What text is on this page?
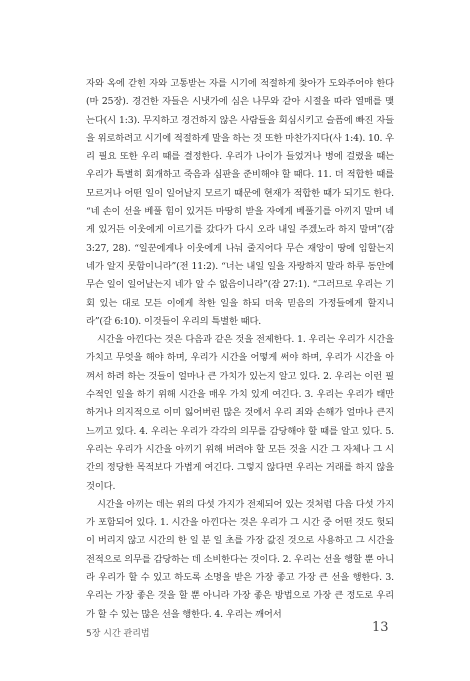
자와 옥에 갇힌 자와 고통받는 자를 시기에 적절하게 찾아가 도와주어야 한다(마 25장). 경건한 자들은 시냇가에 심은 나무와 같아 시절을 따라 열매를 맺는다(시 1:3). 무지하고 경건하지 않은 사람들을 회심시키고 슬픔에 빠진 자들을 위로하려고 시기에 적절하게 말을 하는 것 또한 마찬가지다(사 1:4). 10. 우리 필요 또한 우리 때를 결정한다. 우리가 나이가 들었거나 병에 걸렸을 때는 우리가 특별히 회개하고 죽음과 심판을 준비해야 할 때다. 11. 더 적합한 때를 모르거나 어떤 일이 일어날지 모르기 때문에 현재가 적합한 때가 되기도 한다. “네 손이 선을 베풀 힘이 있거든 마땅히 받을 자에게 베풀기를 아끼지 말며 네게 있거든 이웃에게 이르기를 갔다가 다시 오라 내일 주겠노라 하지 말며”(잠 3:27, 28). “일꾼에게나 이웃에게 나눠 줄지어다 무슨 재앙이 땅에 임할는지 네가 알지 못함이니라”(전 11:2). “너는 내일 일을 자랑하지 말라 하루 동안에 무슨 일이 일어날는지 네가 알 수 없음이니라”(잠 27:1). “그러므로 우리는 기회 있는 대로 모든 이에게 착한 일을 하되 더욱 믿음의 가정들에게 할지니라”(갈 6:10). 이것들이 우리의 특별한 때다.

시간을 아낀다는 것은 다음과 같은 것을 전제한다. 1. 우리는 우리가 시간을 가치고 무엇을 해야 하며, 우리가 시간을 어떻게 써야 하며, 우리가 시간을 아껴서 하려 하는 것들이 얼마나 큰 가치가 있는지 알고 있다. 2. 우리는 이런 필수적인 일을 하기 위해 시간을 매우 가치 있게 여긴다. 3. 우리는 우리가 태만하거나 의지적으로 이미 잃어버린 많은 것에서 우리 죄와 손해가 얼마나 큰지 느끼고 있다. 4. 우리는 우리가 각각의 의무를 감당해야 할 때를 알고 있다. 5. 우리는 우리가 시간을 아끼기 위해 버려야 할 모든 것을 시간 그 자체나 그 시간의 정당한 목적보다 가볍게 여긴다. 그렇지 않다면 우리는 거래를 하지 않을 것이다.

시간을 아끼는 데는 위의 다섯 가지가 전제되어 있는 것처럼 다음 다섯 가지가 포함되어 있다. 1. 시간을 아낀다는 것은 우리가 그 시간 중 어떤 것도 헛되이 버리지 않고 시간의 한 일 분 일 초를 가장 값진 것으로 사용하고 그 시간을 전적으로 의무를 감당하는 데 소비한다는 것이다. 2. 우리는 선을 행할 뿐 아니라 우리가 할 수 있고 하도록 소명을 받은 가장 좋고 가장 큰 선을 행한다. 3. 우리는 가장 좋은 것을 할 뿐 아니라 가장 좋은 방법으로 가장 큰 정도로 우리가 할 수 있는 많은 선을 행한다. 4. 우리는 깨어서

5장 시간 관리법	13
